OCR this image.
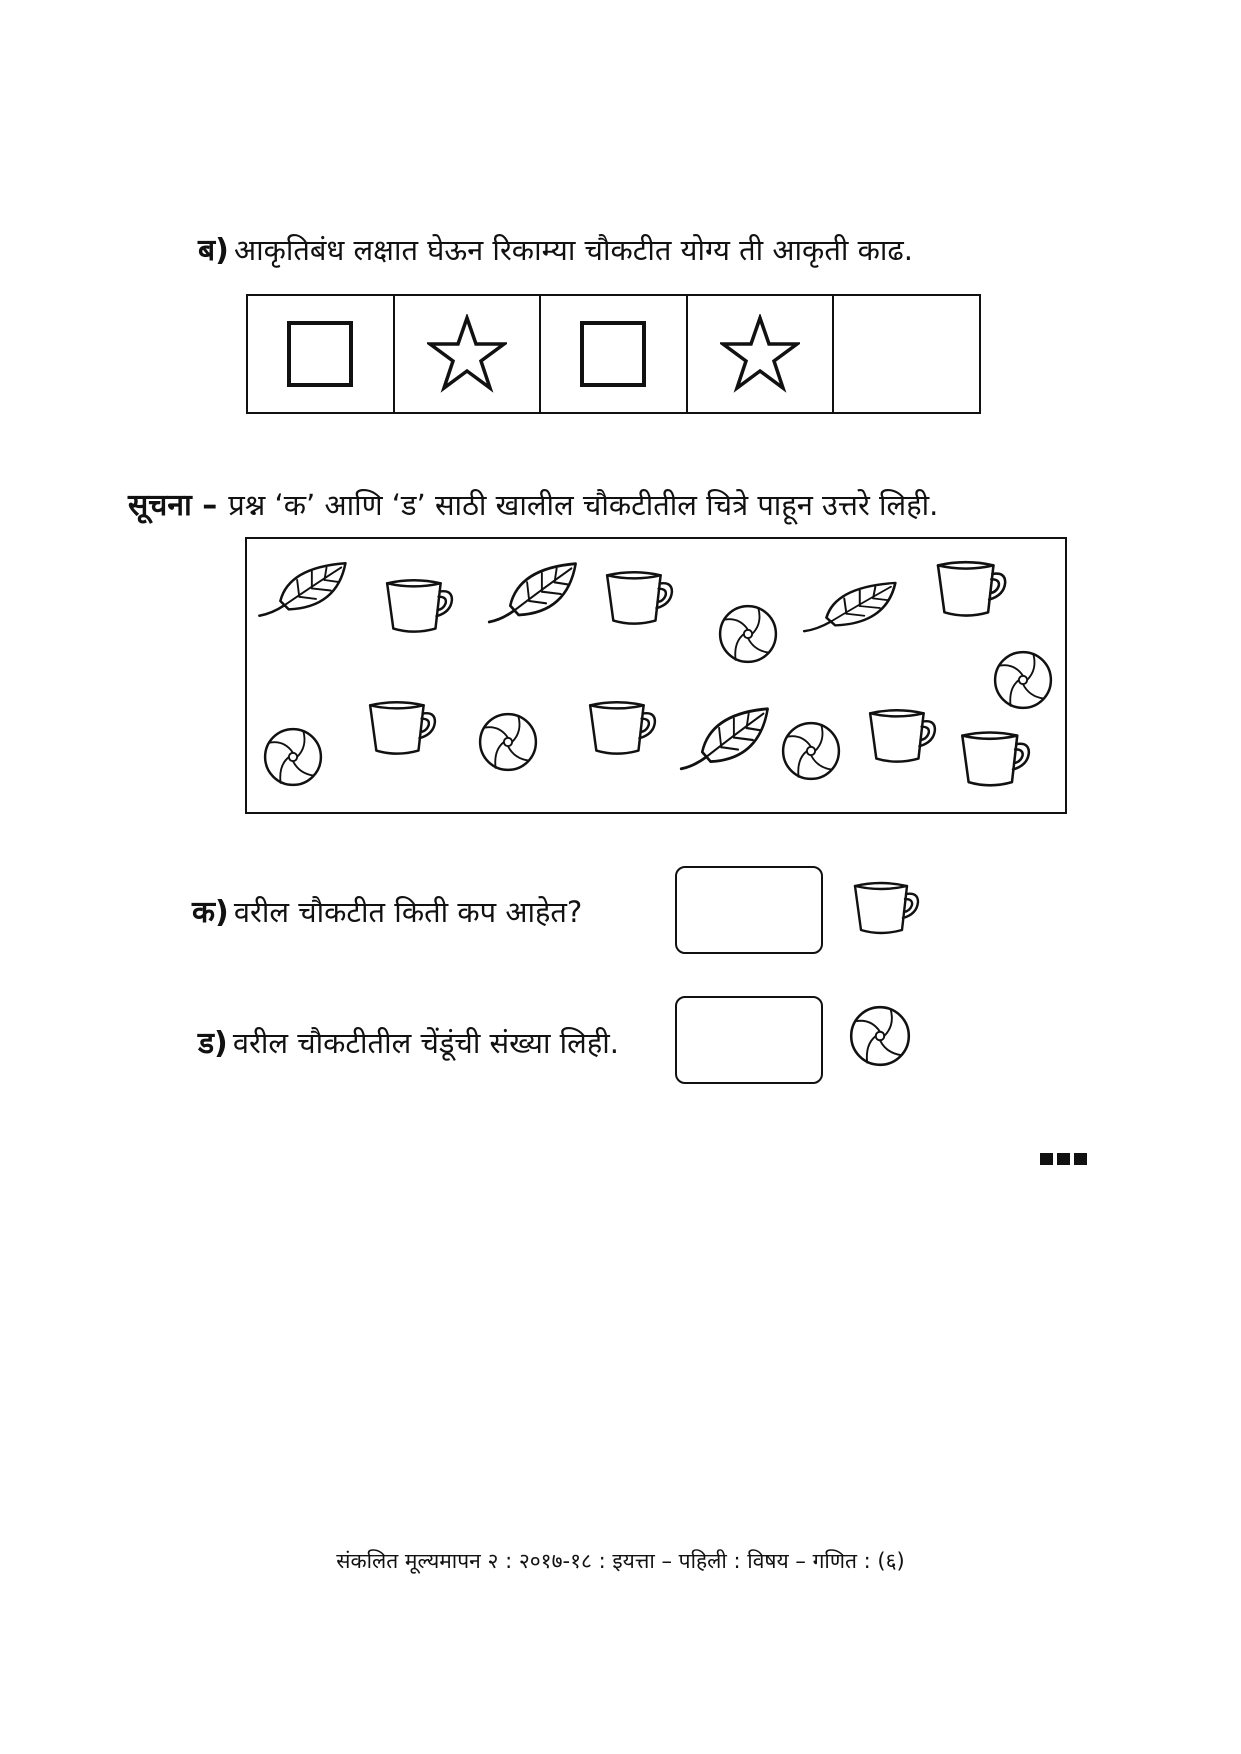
ब) आकृतिबंध लक्षात घेऊन रिकाम्या चौकटीत योग्य ती आकृती काढ.
सूचना – प्रश्न ‘क’ आणि ‘ड’ साठी खालील चौकटीतील चित्रे पाहून उत्तरे लिही.
क) वरील चौकटीत किती कप आहेत?
ड) वरील चौकटीतील चेंडूंची संख्या लिही.
संकलित मूल्यमापन २ : २०१७-१८ : इयत्ता – पहिली : विषय – गणित : (६)
